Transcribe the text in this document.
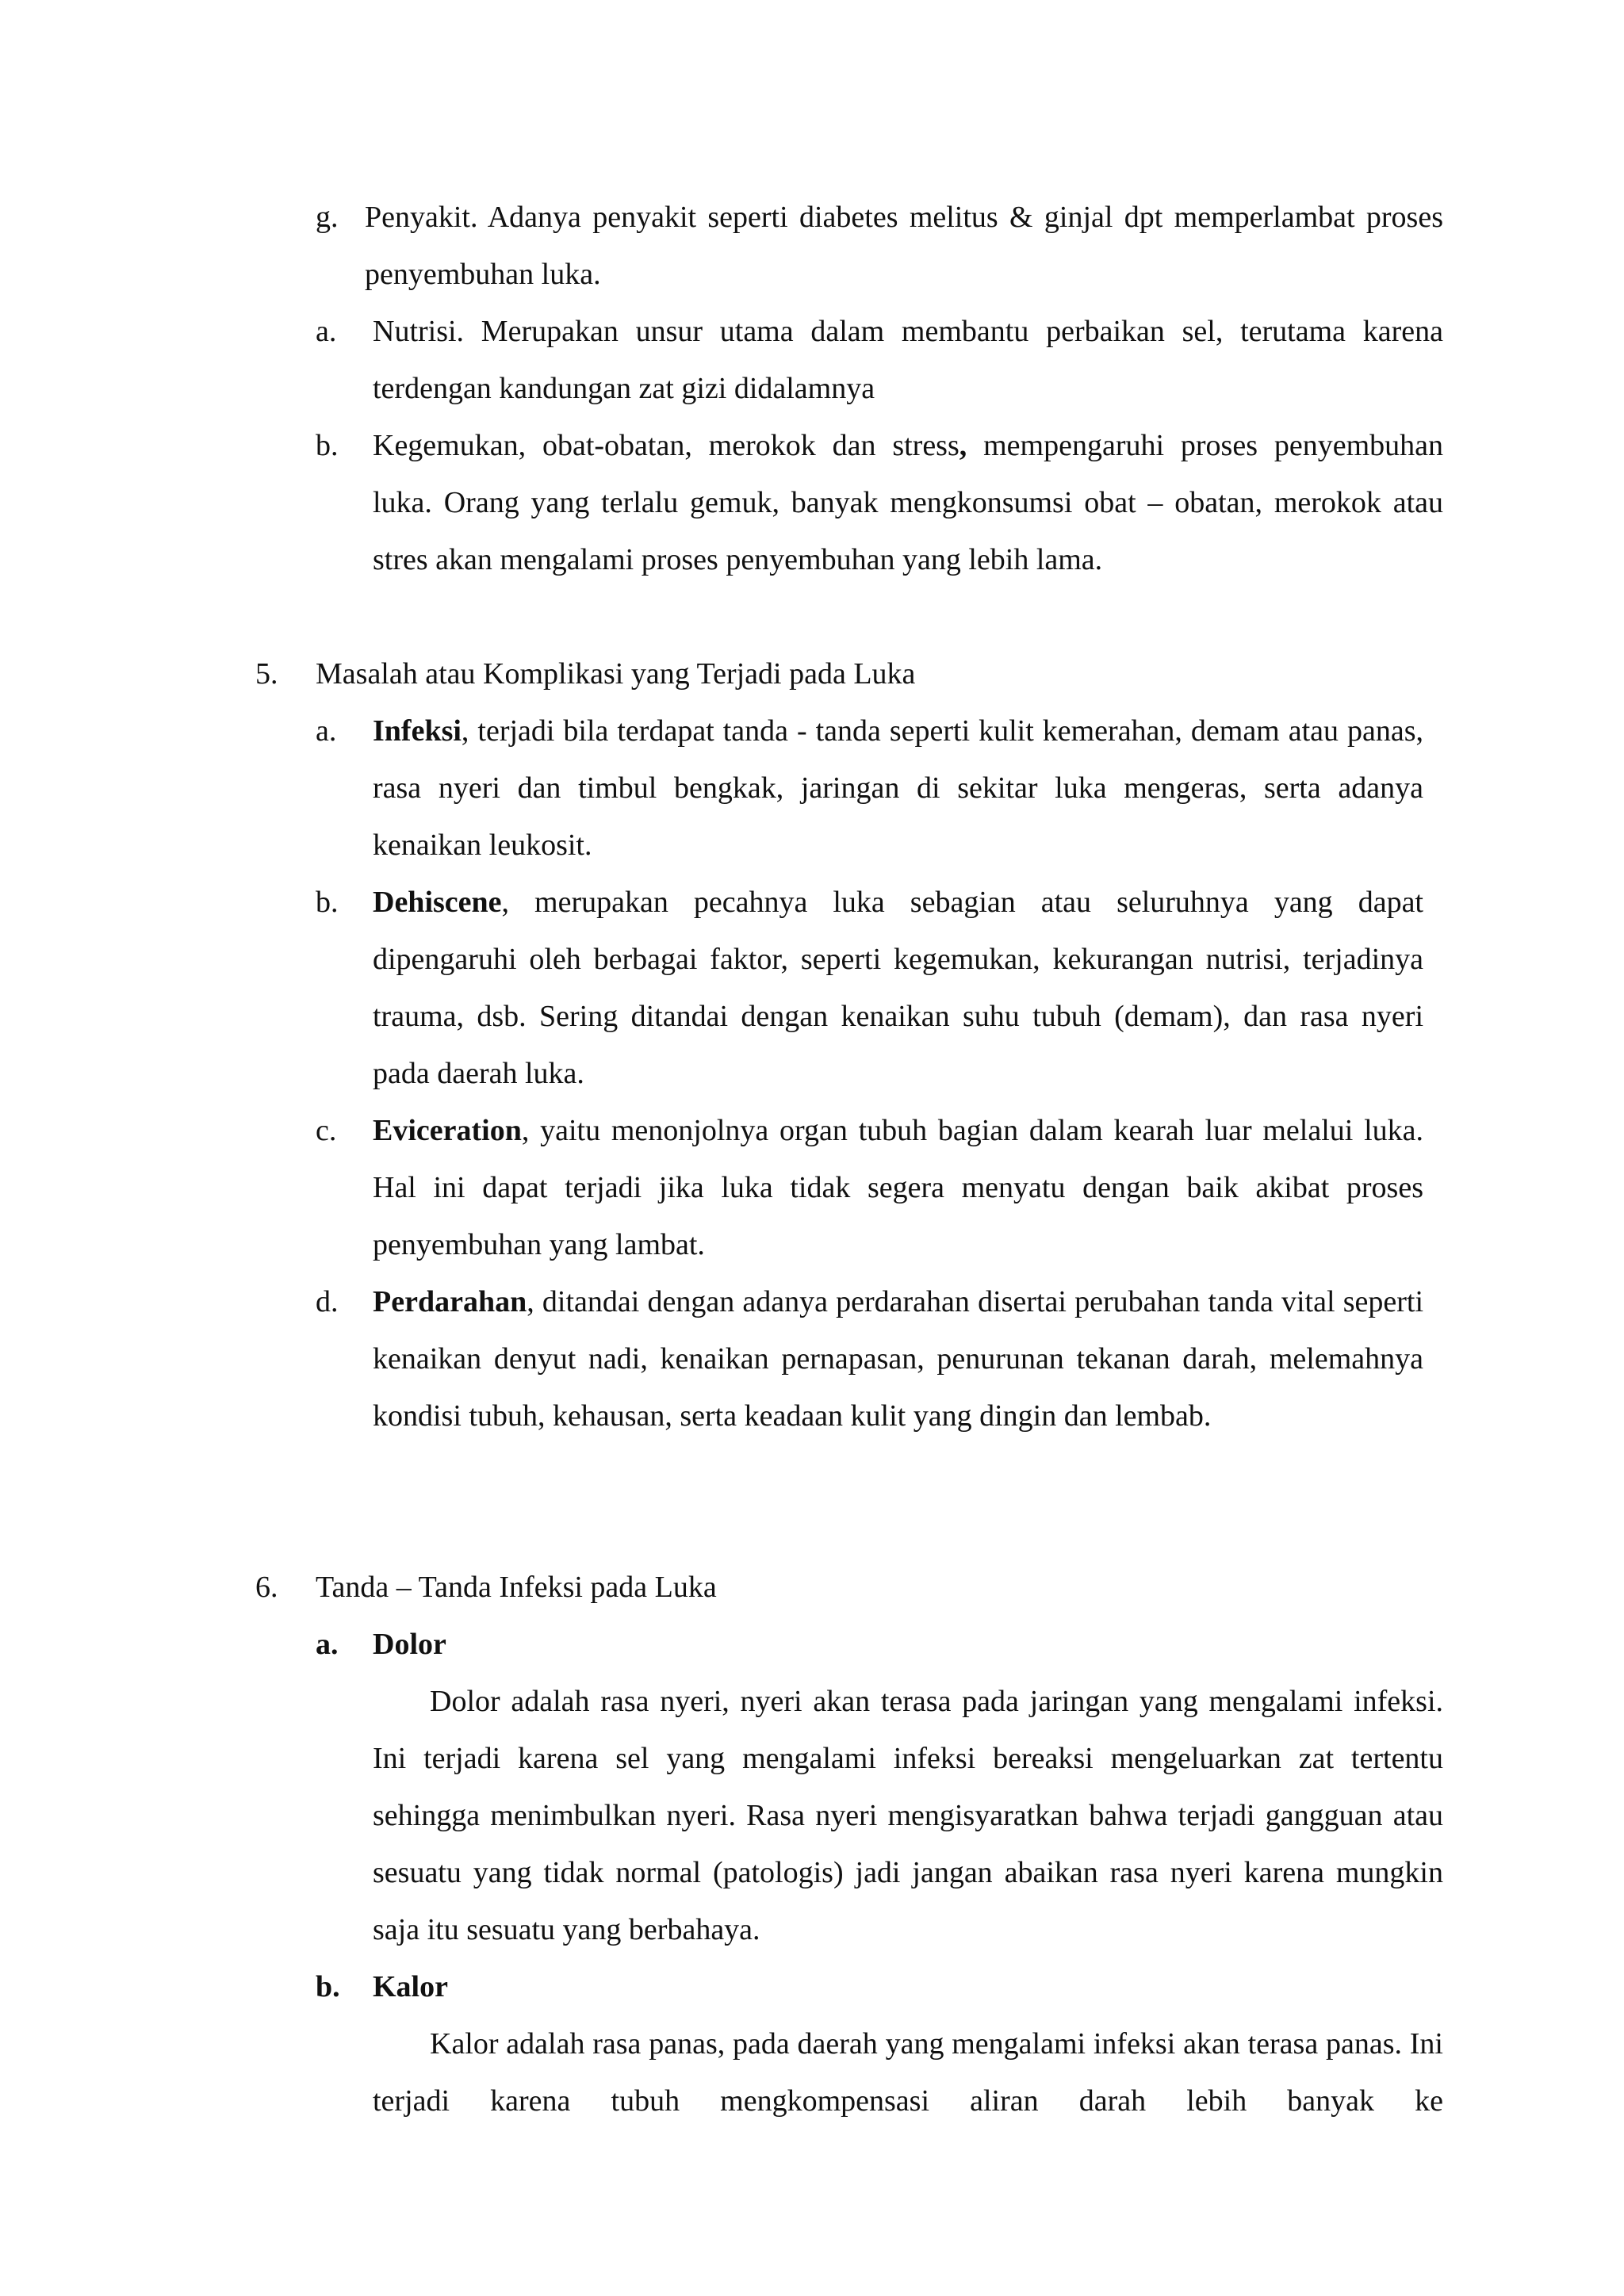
g. Penyakit. Adanya penyakit seperti diabetes melitus & ginjal dpt memperlambat proses penyembuhan luka.

a. Nutrisi. Merupakan unsur utama dalam membantu perbaikan sel, terutama karena terdengan kandungan zat gizi didalamnya

b. Kegemukan, obat-obatan, merokok dan stress, mempengaruhi proses penyembuhan luka. Orang yang terlalu gemuk, banyak mengkonsumsi obat – obatan, merokok atau stres akan mengalami proses penyembuhan yang lebih lama.

5. Masalah atau Komplikasi yang Terjadi pada Luka
a. Infeksi, terjadi bila terdapat tanda - tanda seperti kulit kemerahan, demam atau panas, rasa nyeri dan timbul bengkak, jaringan di sekitar luka mengeras, serta adanya kenaikan leukosit.

b. Dehiscene, merupakan pecahnya luka sebagian atau seluruhnya yang dapat dipengaruhi oleh berbagai faktor, seperti kegemukan, kekurangan nutrisi, terjadinya trauma, dsb. Sering ditandai dengan kenaikan suhu tubuh (demam), dan rasa nyeri pada daerah luka.

c. Eviceration, yaitu menonjolnya organ tubuh bagian dalam kearah luar melalui luka. Hal ini dapat terjadi jika luka tidak segera menyatu dengan baik akibat proses penyembuhan yang lambat.

d. Perdarahan, ditandai dengan adanya perdarahan disertai perubahan tanda vital seperti kenaikan denyut nadi, kenaikan pernapasan, penurunan tekanan darah, melemahnya kondisi tubuh, kehausan, serta keadaan kulit yang dingin dan lembab.

6. Tanda – Tanda Infeksi pada Luka
a. Dolor

Dolor adalah rasa nyeri, nyeri akan terasa pada jaringan yang mengalami infeksi. Ini terjadi karena sel yang mengalami infeksi bereaksi mengeluarkan zat tertentu sehingga menimbulkan nyeri. Rasa nyeri mengisyaratkan bahwa terjadi gangguan atau sesuatu yang tidak normal (patologis) jadi jangan abaikan rasa nyeri karena mungkin saja itu sesuatu yang berbahaya.

b. Kalor

Kalor adalah rasa panas, pada daerah yang mengalami infeksi akan terasa panas. Ini terjadi karena tubuh mengkompensasi aliran darah lebih banyak ke
